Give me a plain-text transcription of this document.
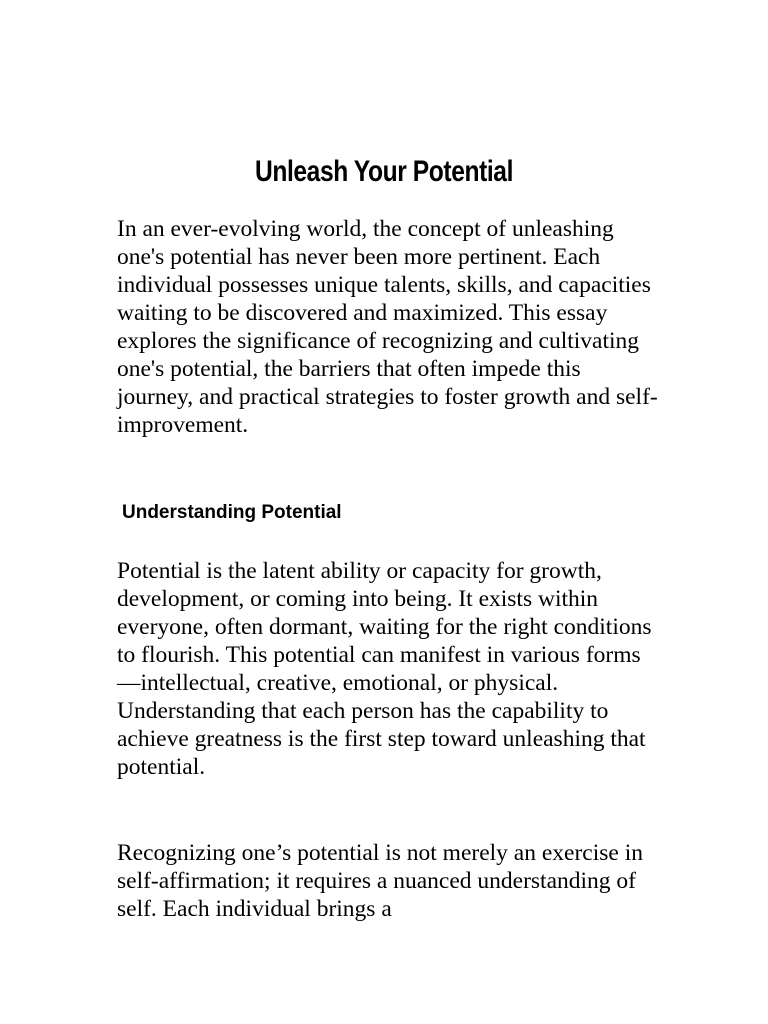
Unleash Your Potential

In an ever-evolving world, the concept of unleashing one's potential has never been more pertinent. Each individual possesses unique talents, skills, and capacities waiting to be discovered and maximized. This essay explores the significance of recognizing and cultivating one's potential, the barriers that often impede this journey, and practical strategies to foster growth and self-improvement.

Understanding Potential

Potential is the latent ability or capacity for growth, development, or coming into being. It exists within everyone, often dormant, waiting for the right conditions to flourish. This potential can manifest in various forms—intellectual, creative, emotional, or physical. Understanding that each person has the capability to achieve greatness is the first step toward unleashing that potential.

Recognizing one’s potential is not merely an exercise in self-affirmation; it requires a nuanced understanding of self. Each individual brings a
